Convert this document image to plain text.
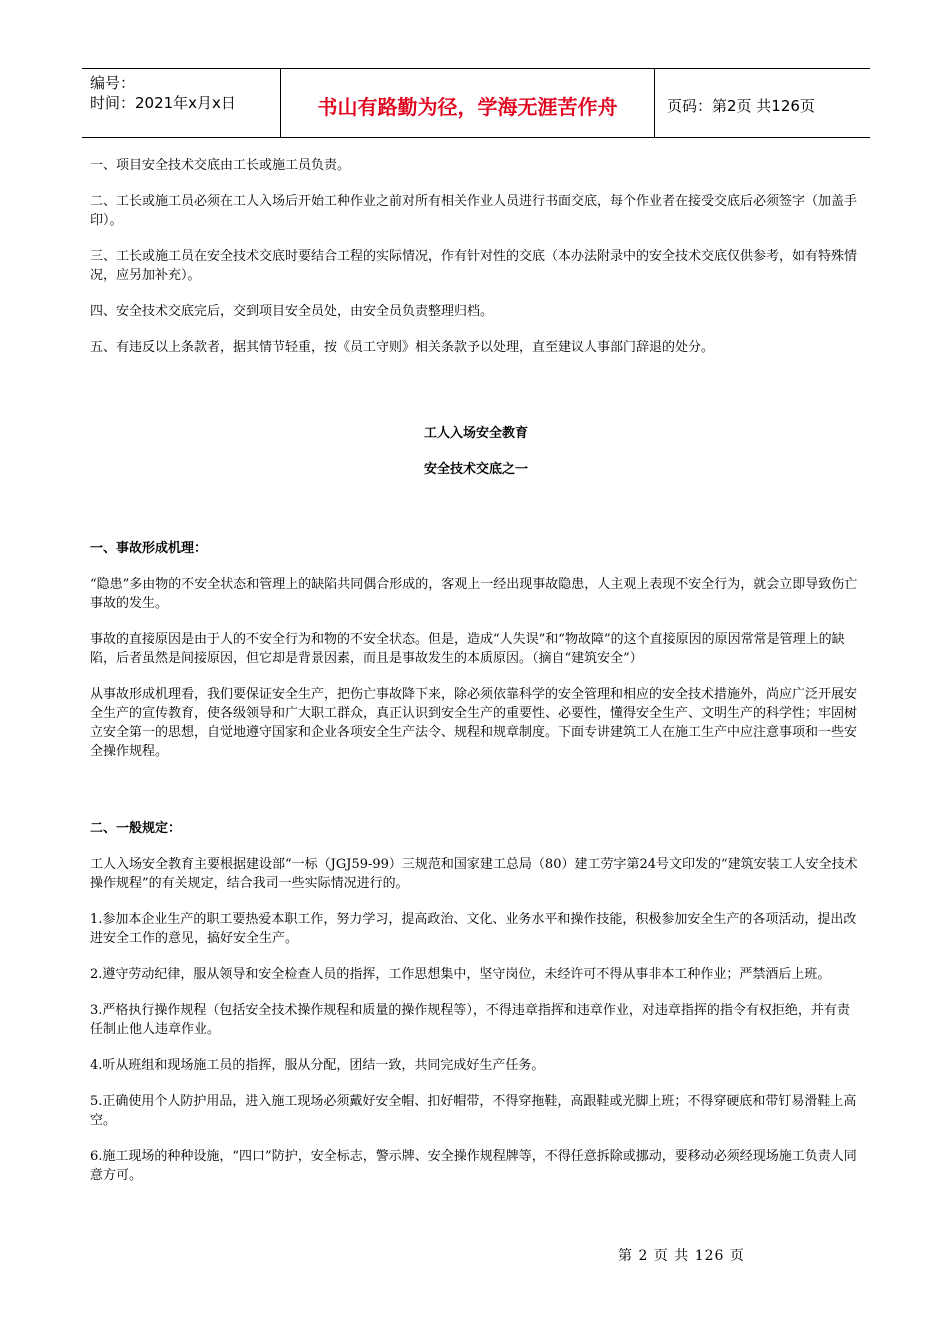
编号：
时间：2021年x月x日	书山有路勤为径，学海无涯苦作舟	页码：第2页 共126页

一、项目安全技术交底由工长或施工员负责。

二、工长或施工员必须在工人入场后开始工种作业之前对所有相关作业人员进行书面交底，每个作业者在接受交底后必须签字（加盖手印）。

三、工长或施工员在安全技术交底时要结合工程的实际情况，作有针对性的交底（本办法附录中的安全技术交底仅供参考，如有特殊情况，应另加补充）。

四、安全技术交底完后，交到项目安全员处，由安全员负责整理归档。

五、有违反以上条款者，据其情节轻重，按《员工守则》相关条款予以处理，直至建议人事部门辞退的处分。

工人入场安全教育

安全技术交底之一

一、事故形成机理：

“隐患”多由物的不安全状态和管理上的缺陷共同偶合形成的，客观上一经出现事故隐患，人主观上表现不安全行为，就会立即导致伤亡事故的发生。

事故的直接原因是由于人的不安全行为和物的不安全状态。但是，造成“人失误”和“物故障”的这个直接原因的原因常常是管理上的缺陷，后者虽然是间接原因，但它却是背景因素，而且是事故发生的本质原因。（摘自“建筑安全”）

从事故形成机理看，我们要保证安全生产，把伤亡事故降下来，除必须依靠科学的安全管理和相应的安全技术措施外，尚应广泛开展安全生产的宣传教育，使各级领导和广大职工群众，真正认识到安全生产的重要性、必要性，懂得安全生产、文明生产的科学性；牢固树立安全第一的思想，自觉地遵守国家和企业各项安全生产法令、规程和规章制度。下面专讲建筑工人在施工生产中应注意事项和一些安全操作规程。

二、一般规定：

工人入场安全教育主要根据建设部“一标（JGJ59-99）三规范和国家建工总局（80）建工劳字第24号文印发的“建筑安装工人安全技术操作规程”的有关规定，结合我司一些实际情况进行的。

1.参加本企业生产的职工要热爱本职工作，努力学习，提高政治、文化、业务水平和操作技能，积极参加安全生产的各项活动，提出改进安全工作的意见，搞好安全生产。

2.遵守劳动纪律，服从领导和安全检查人员的指挥，工作思想集中，坚守岗位，未经许可不得从事非本工种作业；严禁酒后上班。

3.严格执行操作规程（包括安全技术操作规程和质量的操作规程等），不得违章指挥和违章作业，对违章指挥的指令有权拒绝，并有责任制止他人违章作业。

4.听从班组和现场施工员的指挥，服从分配，团结一致，共同完成好生产任务。

5.正确使用个人防护用品，进入施工现场必须戴好安全帽、扣好帽带，不得穿拖鞋，高跟鞋或光脚上班；不得穿硬底和带钉易滑鞋上高空。

6.施工现场的种种设施，“四口”防护，安全标志，警示牌、安全操作规程牌等，不得任意拆除或挪动，要移动必须经现场施工负责人同意方可。

第 2 页 共 126 页
